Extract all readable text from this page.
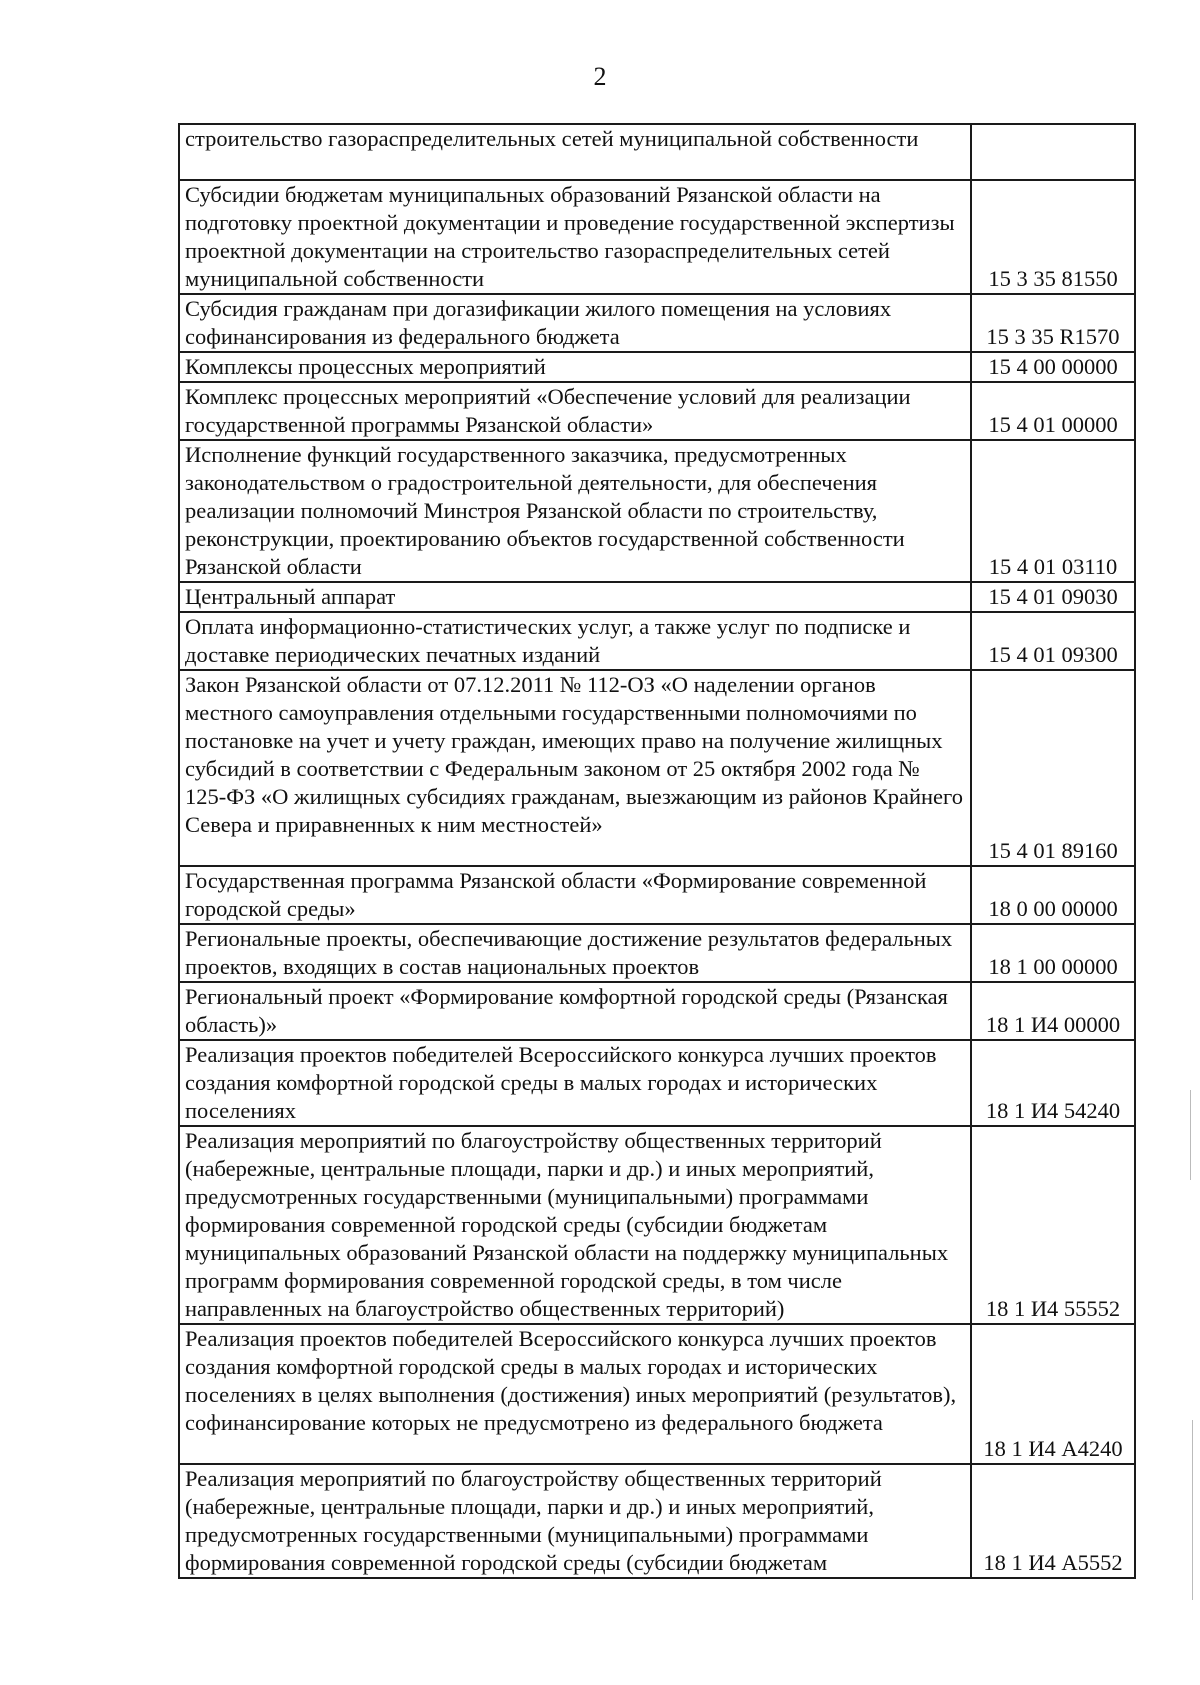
2
строительство газораспределительных сетей муниципальной собственности	
Субсидии бюджетам муниципальных образований Рязанской области на подготовку проектной документации и проведение государственной экспертизы проектной документации на строительство газораспределительных сетей муниципальной собственности	15 3 35 81550
Субсидия гражданам при догазификации жилого помещения на условиях софинансирования из федерального бюджета	15 3 35 R1570
Комплексы процессных мероприятий	15 4 00 00000
Комплекс процессных мероприятий «Обеспечение условий для реализации государственной программы Рязанской области»	15 4 01 00000
Исполнение функций государственного заказчика, предусмотренных законодательством о градостроительной деятельности, для обеспечения реализации полномочий Минстроя Рязанской области по строительству, реконструкции, проектированию объектов государственной собственности Рязанской области	15 4 01 03110
Центральный аппарат	15 4 01 09030
Оплата информационно-статистических услуг, а также услуг по подписке и доставке периодических печатных изданий	15 4 01 09300
Закон Рязанской области от 07.12.2011 № 112-ОЗ «О наделении органов местного самоуправления отдельными государственными полномочиями по постановке на учет и учету граждан, имеющих право на получение жилищных субсидий в соответствии с Федеральным законом от 25 октября 2002 года № 125-ФЗ «О жилищных субсидиях гражданам, выезжающим из районов Крайнего Севера и приравненных к ним местностей»	15 4 01 89160
Государственная программа Рязанской области «Формирование современной городской среды»	18 0 00 00000
Региональные проекты, обеспечивающие достижение результатов федеральных проектов, входящих в состав национальных проектов	18 1 00 00000
Региональный проект «Формирование комфортной городской среды (Рязанская область)»	18 1 И4 00000
Реализация проектов победителей Всероссийского конкурса лучших проектов создания комфортной городской среды в малых городах и исторических поселениях	18 1 И4 54240
Реализация мероприятий по благоустройству общественных территорий (набережные, центральные площади, парки и др.) и иных мероприятий, предусмотренных государственными (муниципальными) программами формирования современной городской среды (субсидии бюджетам муниципальных образований Рязанской области на поддержку муниципальных программ формирования современной городской среды, в том числе направленных на благоустройство общественных территорий)	18 1 И4 55552
Реализация проектов победителей Всероссийского конкурса лучших проектов создания комфортной городской среды в малых городах и исторических поселениях в целях выполнения (достижения) иных мероприятий (результатов), софинансирование которых не предусмотрено из федерального бюджета	18 1 И4 А4240
Реализация мероприятий по благоустройству общественных территорий (набережные, центральные площади, парки и др.) и иных мероприятий, предусмотренных государственными (муниципальными) программами формирования современной городской среды (субсидии бюджетам	18 1 И4 А5552
